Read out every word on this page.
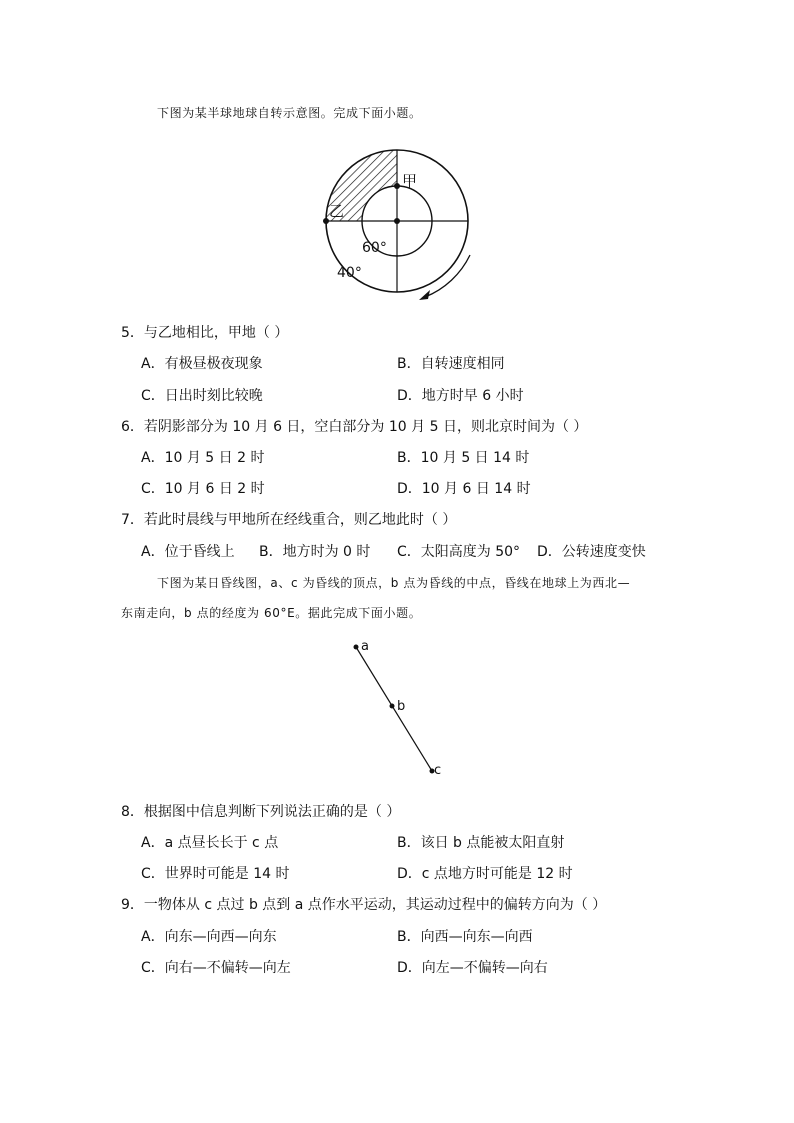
下图为某半球地球自转示意图。完成下面小题。
甲
乙
60°
40°
5．与乙地相比，甲地（ ）
A．有极昼极夜现象	B．自转速度相同
C．日出时刻比较晚	D．地方时早 6 小时
6．若阴影部分为 10 月 6 日，空白部分为 10 月 5 日，则北京时间为（ ）
A．10 月 5 日 2 时	B．10 月 5 日 14 时
C．10 月 6 日 2 时	D．10 月 6 日 14 时
7．若此时晨线与甲地所在经线重合，则乙地此时（ ）
A．位于昏线上 B．地方时为 0 时 C．太阳高度为 50° D．公转速度变快
下图为某日昏线图，a、c 为昏线的顶点，b 点为昏线的中点，昏线在地球上为西北—
东南走向，b 点的经度为 60°E。据此完成下面小题。
a
b
c
8．根据图中信息判断下列说法正确的是（ ）
A．a 点昼长长于 c 点	B．该日 b 点能被太阳直射
C．世界时可能是 14 时	D．c 点地方时可能是 12 时
9．一物体从 c 点过 b 点到 a 点作水平运动，其运动过程中的偏转方向为（ ）
A．向东—向西—向东	B．向西—向东—向西
C．向右—不偏转—向左	D．向左—不偏转—向右
